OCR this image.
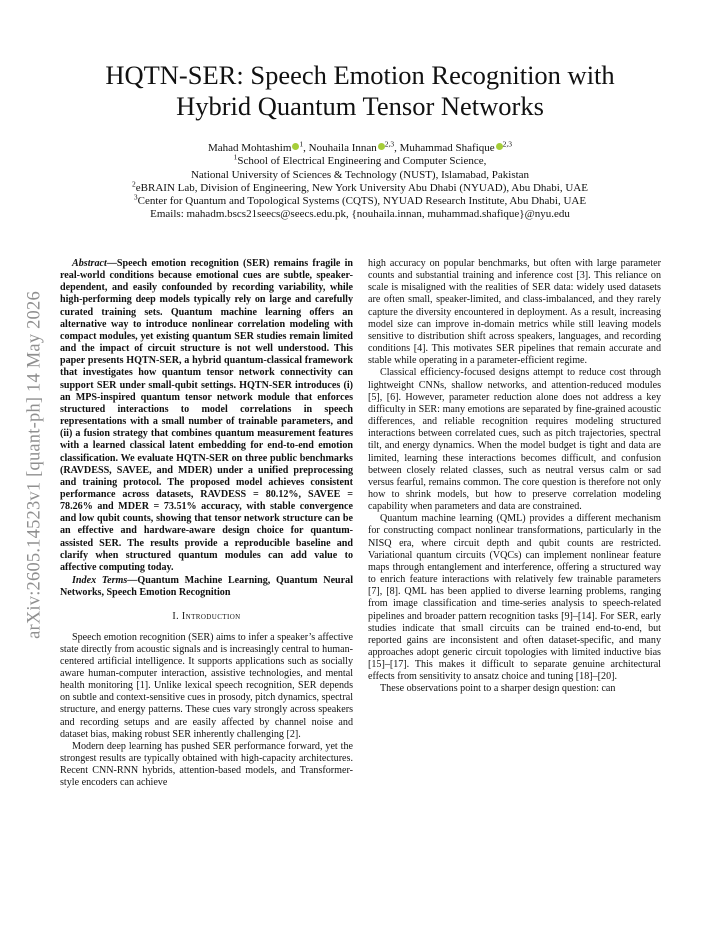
arXiv:2605.14523v1 [quant-ph] 14 May 2026
HQTN-SER: Speech Emotion Recognition with
Hybrid Quantum Tensor Networks
Mahad Mohtashim $^1$, Nouhaila Innan $^{2,3}$, Muhammad Shafique $^{2,3}$
$^1$School of Electrical Engineering and Computer Science,
National University of Sciences & Technology (NUST), Islamabad, Pakistan
$^2$eBRAIN Lab, Division of Engineering, New York University Abu Dhabi (NYUAD), Abu Dhabi, UAE
$^3$Center for Quantum and Topological Systems (CQTS), NYUAD Research Institute, Abu Dhabi, UAE
Emails: mahadm.bscs21seecs@seecs.edu.pk, {nouhaila.innan, muhammad.shafique}@nyu.edu

Abstract—Speech emotion recognition (SER) remains fragile in real-world conditions because emotional cues are subtle, speaker-dependent, and easily confounded by recording variability, while high-performing deep models typically rely on large and carefully curated training sets. Quantum machine learning offers an alternative way to introduce nonlinear correlation modeling with compact modules, yet existing quantum SER studies remain limited and the impact of circuit structure is not well understood. This paper presents HQTN-SER, a hybrid quantum-classical framework that investigates how quantum tensor network connectivity can support SER under small-qubit settings. HQTN-SER introduces (i) an MPS-inspired quantum tensor network module that enforces structured interactions to model correlations in speech representations with a small number of trainable parameters, and (ii) a fusion strategy that combines quantum measurement features with a learned classical latent embedding for end-to-end emotion classification. We evaluate HQTN-SER on three public benchmarks (RAVDESS, SAVEE, and MDER) under a unified preprocessing and training protocol. The proposed model achieves consistent performance across datasets, RAVDESS = 80.12%, SAVEE = 78.26% and MDER = 73.51% accuracy, with stable convergence and low qubit counts, showing that tensor network structure can be an effective and hardware-aware design choice for quantum-assisted SER. The results provide a reproducible baseline and clarify when structured quantum modules can add value to affective computing today.

Index Terms—Quantum Machine Learning, Quantum Neural Networks, Speech Emotion Recognition

I. Introduction

Speech emotion recognition (SER) aims to infer a speaker’s affective state directly from acoustic signals and is increasingly central to human-centered artificial intelligence. It supports applications such as socially aware human-computer interaction, assistive technologies, and mental health monitoring [1]. Unlike lexical speech recognition, SER depends on subtle and context-sensitive cues in prosody, pitch dynamics, spectral structure, and energy patterns. These cues vary strongly across speakers and recording setups and are easily affected by channel noise and dataset bias, making robust SER inherently challenging [2].

Modern deep learning has pushed SER performance forward, yet the strongest results are typically obtained with high-capacity architectures. Recent CNN-RNN hybrids, attention-based models, and Transformer-style encoders can achieve

high accuracy on popular benchmarks, but often with large parameter counts and substantial training and inference cost [3]. This reliance on scale is misaligned with the realities of SER data: widely used datasets are often small, speaker-limited, and class-imbalanced, and they rarely capture the diversity encountered in deployment. As a result, increasing model size can improve in-domain metrics while still leaving models sensitive to distribution shift across speakers, languages, and recording conditions [4]. This motivates SER pipelines that remain accurate and stable while operating in a parameter-efficient regime.

Classical efficiency-focused designs attempt to reduce cost through lightweight CNNs, shallow networks, and attention-reduced modules [5], [6]. However, parameter reduction alone does not address a key difficulty in SER: many emotions are separated by fine-grained acoustic differences, and reliable recognition requires modeling structured interactions between correlated cues, such as pitch trajectories, spectral tilt, and energy dynamics. When the model budget is tight and data are limited, learning these interactions becomes difficult, and confusion between closely related classes, such as neutral versus calm or sad versus fearful, remains common. The core question is therefore not only how to shrink models, but how to preserve correlation modeling capability when parameters and data are constrained.

Quantum machine learning (QML) provides a different mechanism for constructing compact nonlinear transformations, particularly in the NISQ era, where circuit depth and qubit counts are restricted. Variational quantum circuits (VQCs) can implement nonlinear feature maps through entanglement and interference, offering a structured way to enrich feature interactions with relatively few trainable parameters [7], [8]. QML has been applied to diverse learning problems, ranging from image classification and time-series analysis to speech-related pipelines and broader pattern recognition tasks [9]–[14]. For SER, early studies indicate that small circuits can be trained end-to-end, but reported gains are inconsistent and often dataset-specific, and many approaches adopt generic circuit topologies with limited inductive bias [15]–[17]. This makes it difficult to separate genuine architectural effects from sensitivity to ansatz choice and tuning [18]–[20].

These observations point to a sharper design question: can
